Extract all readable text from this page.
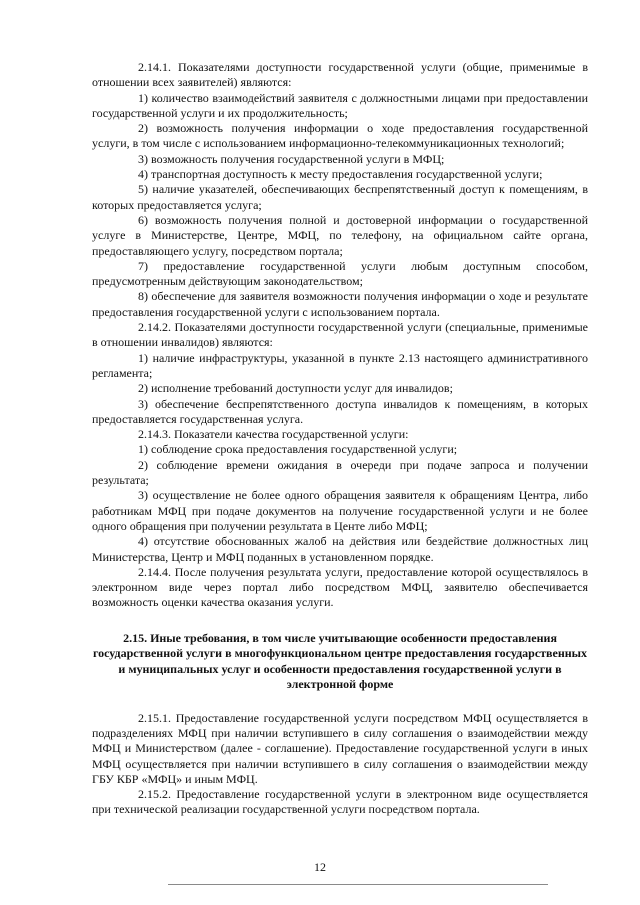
2.14.1. Показателями доступности государственной услуги (общие, применимые в отношении всех заявителей) являются:

1) количество взаимодействий заявителя с должностными лицами при предоставлении государственной услуги и их продолжительность;

2) возможность получения информации о ходе предоставления государственной услуги, в том числе с использованием информационно-телекоммуникационных технологий;

3) возможность получения государственной услуги в МФЦ;

4) транспортная доступность к месту предоставления государственной услуги;

5) наличие указателей, обеспечивающих беспрепятственный доступ к помещениям, в которых предоставляется услуга;

6) возможность получения полной и достоверной информации о государственной услуге в Министерстве, Центре, МФЦ, по телефону, на официальном сайте органа, предоставляющего услугу, посредством портала;

7) предоставление государственной услуги любым доступным способом, предусмотренным действующим законодательством;

8) обеспечение для заявителя возможности получения информации о ходе и результате предоставления государственной услуги с использованием портала.

2.14.2. Показателями доступности государственной услуги (специальные, применимые в отношении инвалидов) являются:

1) наличие инфраструктуры, указанной в пункте 2.13 настоящего административного регламента;

2) исполнение требований доступности услуг для инвалидов;

3) обеспечение беспрепятственного доступа инвалидов к помещениям, в которых предоставляется государственная услуга.

2.14.3. Показатели качества государственной услуги:

1) соблюдение срока предоставления государственной услуги;

2) соблюдение времени ожидания в очереди при подаче запроса и получении результата;

3) осуществление не более одного обращения заявителя к обращениям Центра, либо работникам МФЦ при подаче документов на получение государственной услуги и не более одного обращения при получении результата в Центе либо МФЦ;

4) отсутствие обоснованных жалоб на действия или бездействие должностных лиц Министерства, Центр и МФЦ поданных в установленном порядке.

2.14.4. После получения результата услуги, предоставление которой осуществлялось в электронном виде через портал либо посредством МФЦ, заявителю обеспечивается возможность оценки качества оказания услуги.

2.15. Иные требования, в том числе учитывающие особенности предоставления государственной услуги в многофункциональном центре предоставления государственных и муниципальных услуг и особенности предоставления государственной услуги в электронной форме

2.15.1. Предоставление государственной услуги посредством МФЦ осуществляется в подразделениях МФЦ при наличии вступившего в силу соглашения о взаимодействии между МФЦ и Министерством (далее - соглашение). Предоставление государственной услуги в иных МФЦ осуществляется при наличии вступившего в силу соглашения о взаимодействии между ГБУ КБР «МФЦ» и иным МФЦ.

2.15.2. Предоставление государственной услуги в электронном виде осуществляется при технической реализации государственной услуги посредством портала.

12
